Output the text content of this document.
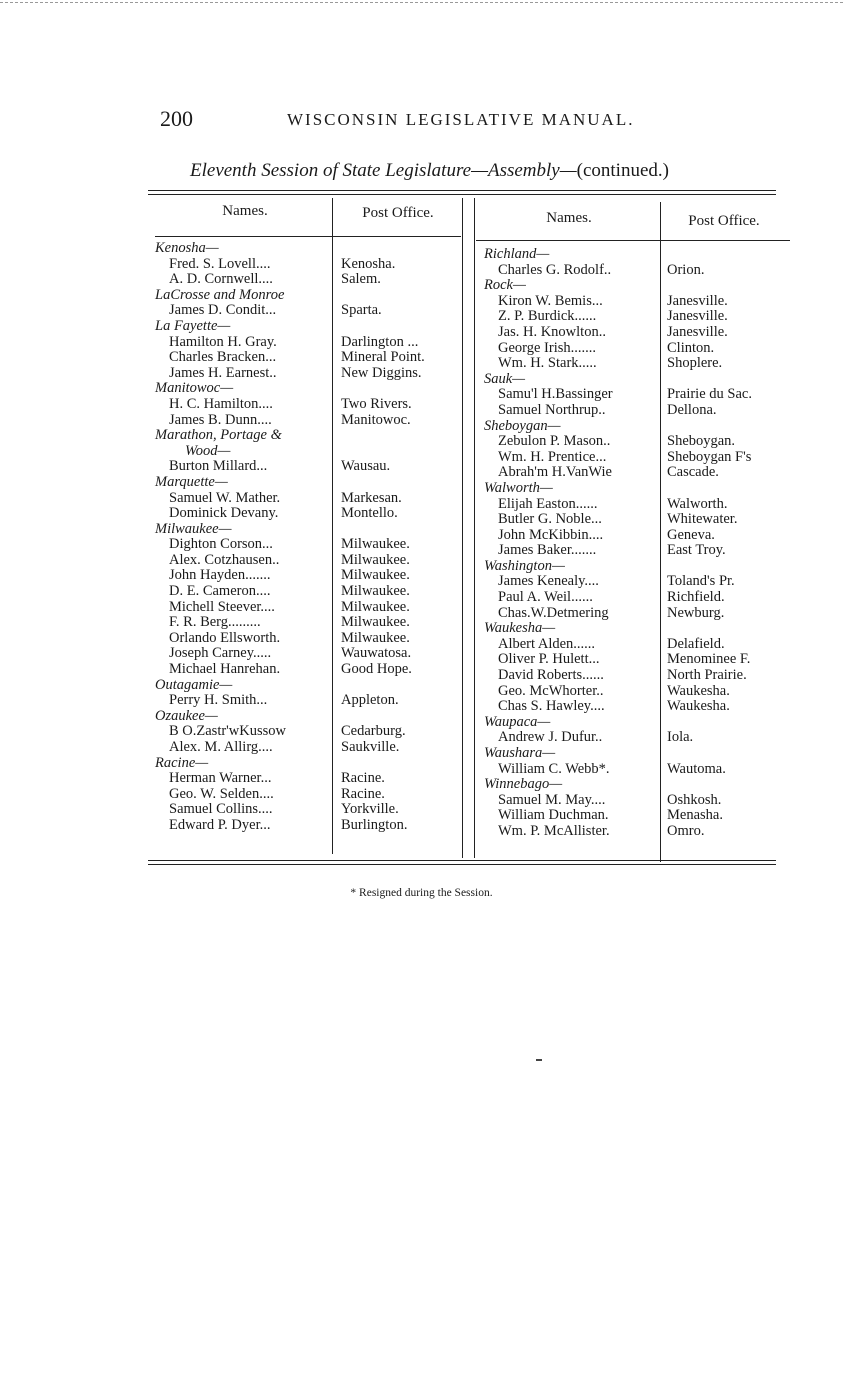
200	WISCONSIN LEGISLATIVE MANUAL.
Eleventh Session of State Legislature—Assembly—(continued.)
Names.	Post Office.	Names.	Post Office.
Kenosha—
Fred. S. Lovell....	Kenosha.
A. D. Cornwell....	Salem.
LaCrosse and Monroe
James D. Condit...	Sparta.
La Fayette—
Hamilton H. Gray.	Darlington ...
Charles Bracken...	Mineral Point.
James H. Earnest..	New Diggins.
Manitowoc—
H. C. Hamilton....	Two Rivers.
James B. Dunn....	Manitowoc.
Marathon, Portage &
Wood—
Burton Millard...	Wausau.
Marquette—
Samuel W. Mather.	Markesan.
Dominick Devany.	Montello.
Milwaukee—
Dighton Corson...	Milwaukee.
Alex. Cotzhausen..	Milwaukee.
John Hayden.......	Milwaukee.
D. E. Cameron....	Milwaukee.
Michell Steever....	Milwaukee.
F. R. Berg.........	Milwaukee.
Orlando Ellsworth.	Milwaukee.
Joseph Carney.....	Wauwatosa.
Michael Hanrehan.	Good Hope.
Outagamie—
Perry H. Smith...	Appleton.
Ozaukee—
B O.Zastr'wKussow	Cedarburg.
Alex. M. Allirg....	Saukville.
Racine—
Herman Warner...	Racine.
Geo. W. Selden....	Racine.
Samuel Collins....	Yorkville.
Edward P. Dyer...	Burlington.
Richland—
Charles G. Rodolf..	Orion.
Rock—
Kiron W. Bemis...	Janesville.
Z. P. Burdick......	Janesville.
Jas. H. Knowlton..	Janesville.
George Irish.......	Clinton.
Wm. H. Stark.....	Shoplere.
Sauk—
Samu'l H.Bassinger	Prairie du Sac.
Samuel Northrup..	Dellona.
Sheboygan—
Zebulon P. Mason..	Sheboygan.
Wm. H. Prentice...	Sheboygan F's
Abrah'm H.VanWie	Cascade.
Walworth—
Elijah Easton......	Walworth.
Butler G. Noble...	Whitewater.
John McKibbin....	Geneva.
James Baker.......	East Troy.
Washington—
James Kenealy....	Toland's Pr.
Paul A. Weil......	Richfield.
Chas.W.Detmering	Newburg.
Waukesha—
Albert Alden......	Delafield.
Oliver P. Hulett...	Menominee F.
David Roberts......	North Prairie.
Geo. McWhorter..	Waukesha.
Chas S. Hawley....	Waukesha.
Waupaca—
Andrew J. Dufur..	Iola.
Waushara—
William C. Webb*.	Wautoma.
Winnebago—
Samuel M. May....	Oshkosh.
William Duchman.	Menasha.
Wm. P. McAllister.	Omro.
* Resigned during the Session.
